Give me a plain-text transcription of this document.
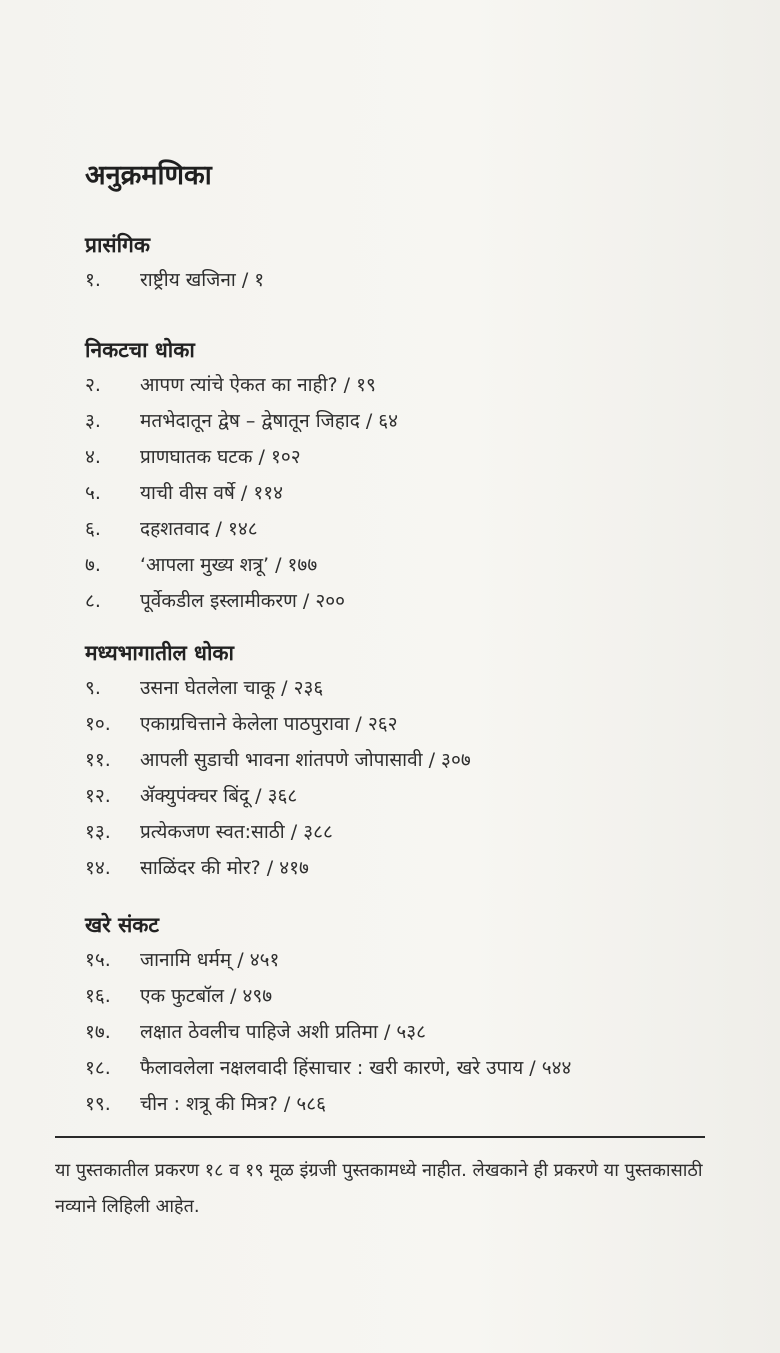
अनुक्रमणिका
प्रासंगिक
१.	राष्ट्रीय खजिना / १
निकटचा धोका
२.	आपण त्यांचे ऐकत का नाही? / १९
३.	मतभेदातून द्वेष – द्वेषातून जिहाद / ६४
४.	प्राणघातक घटक / १०२
५.	याची वीस वर्षे / ११४
६.	दहशतवाद / १४८
७.	‘आपला मुख्य शत्रू’ / १७७
८.	पूर्वेकडील इस्लामीकरण / २००
मध्यभागातील धोका
९.	उसना घेतलेला चाकू / २३६
१०.	एकाग्रचित्ताने केलेला पाठपुरावा / २६२
११.	आपली सुडाची भावना शांतपणे जोपासावी / ३०७
१२.	ॲक्युपंक्चर बिंदू / ३६८
१३.	प्रत्येकजण स्वत:साठी / ३८८
१४.	साळिंदर की मोर? / ४१७
खरे संकट
१५.	जानामि धर्मम् / ४५१
१६.	एक फुटबॉल / ४९७
१७.	लक्षात ठेवलीच पाहिजे अशी प्रतिमा / ५३८
१८.	फैलावलेला नक्षलवादी हिंसाचार : खरी कारणे, खरे उपाय / ५४४
१९.	चीन : शत्रू की मित्र? / ५८६
या पुस्तकातील प्रकरण १८ व १९ मूळ इंग्रजी पुस्तकामध्ये नाहीत. लेखकाने ही प्रकरणे या पुस्तकासाठी नव्याने लिहिली आहेत.
